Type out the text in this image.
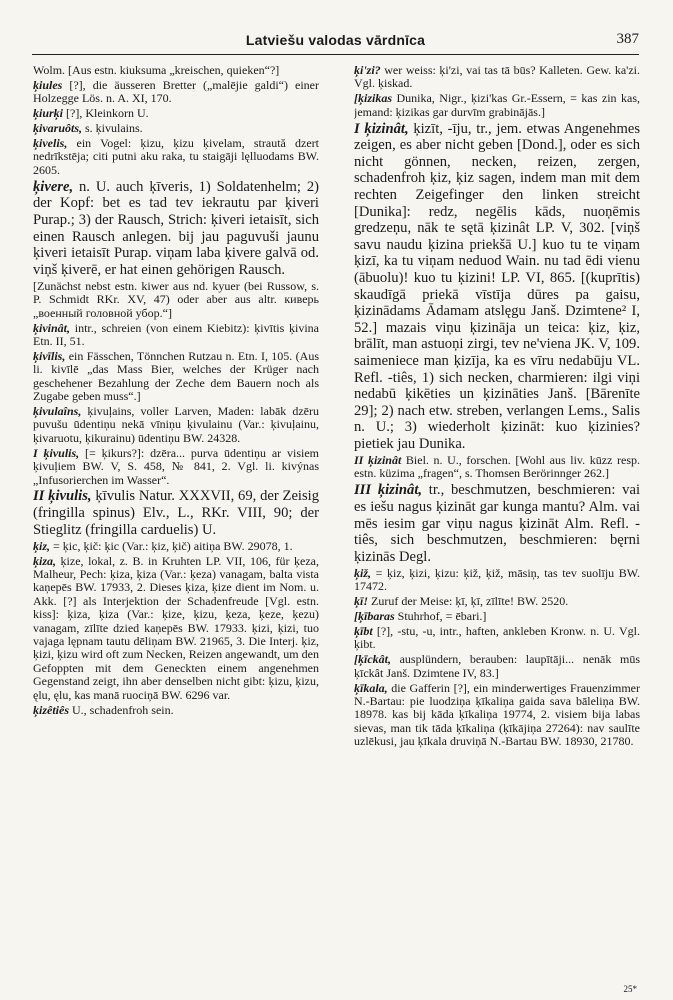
Latviešu valodas vārdnīca	387

Wolm. [Aus estn. kiuksuma „kreischen, quieken“?]

ķiules [?], die äusseren Bretter („malējie galdi“) einer Holzegge Lös. n. A. XI, 170.

ķiurķi [?], Kleinkorn U.

ķivaruôts, s. ķivulains.

ķivelis, ein Vogel: ķizu, ķizu ķivelam, straută dzert nedrīkstēja; citi putni aku raka, tu staigāji lęlluodams BW. 2605.

ķivere, n. U. auch ķīveris, 1) Soldatenhelm; 2) der Kopf: bet es tad tev iekrautu par ķiveri Purap.; 3) der Rausch, Strich: ķiveri ietaisīt, sich einen Rausch anlegen. bij jau paguvuši jaunu ķiveri ietaisīt Purap. viņam laba ķivere galvā od. viņš ķiverē, er hat einen gehörigen Rausch.

[Zunächst nebst estn. kiwer aus nd. kyuer (bei Russow, s. P. Schmidt RKr. XV, 47) oder aber aus altr. киверь „военный головной убор.“]

ķivinât, intr., schreien (von einem Kiebitz): ķivītis ķivina Etn. II, 51.

ķivīlis, ein Fässchen, Tönnchen Rutzau n. Etn. I, 105. (Aus li. kivīlē „das Mass Bier, welches der Krüger nach geschehener Bezahlung der Zeche dem Bauern noch als Zugabe geben muss“.]

ķivulaîns, ķivuļains, voller Larven, Maden: labāk dzēru puvušu ūdentiņu nekā vīniņu ķivulainu (Var.: ķivuļainu, ķivaruotu, ķikurainu) ūdentiņu BW. 24328.

I ķivulis, [= ķikurs?]: dzēra... purva ūdentiņu ar visiem ķivuļiem BW. V, S. 458, № 841, 2. Vgl. li. kivýnas „Infusorierchen im Wasser“.

II ķivulis, ķīvulis Natur. XXXVII, 69, der Zeisig (fringilla spinus) Elv., L., RKr. VIII, 90; der Stieglitz (fringilla carduelis) U.

ķiz, = ķic, ķič: ķic (Var.: ķiz, ķič) aitiņa BW. 29078, 1.

ķiza, ķize, lokal, z. B. in Kruhten LP. VII, 106, für ķeza, Malheur, Pech: ķiza, ķiza (Var.: ķeza) vanagam, balta vista kaņepēs BW. 17933, 2. Dieses ķiza, ķize dient im Nom. u. Akk. [?] als Interjektion der Schadenfreude [Vgl. estn. kiss]: ķiza, ķiza (Var.: ķize, ķizu, ķeza, ķeze, ķezu) vanagam, zīlīte dzied kaņepēs BW. 17933. ķizi, ķizi, tuo vajaga lępnam tautu dēliņam BW. 21965, 3. Die Interj. ķiz, ķizi, ķizu wird oft zum Necken, Reizen angewandt, um den Gefoppten mit dem Geneckten einem angenehmen Gegenstand zeigt, ihn aber denselben nicht gibt: ķizu, ķizu, ęlu, ęlu, kas manā ruociņā BW. 6296 var.

ķizêtiês U., schadenfroh sein.

ķi'zi? wer weiss: ķi'zi, vai tas tā būs? Kalleten. Gew. ka'zi. Vgl. ķiskad.

[ķizikas Dunika, Nigr., ķizi'kas Gr.-Essern, = kas zin kas, jemand: ķizikas gar durvīm grabinājās.]

I ķizinât, ķizīt, -īju, tr., jem. etwas Angenehmes zeigen, es aber nicht geben [Dond.], oder es sich nicht gönnen, necken, reizen, zergen, schadenfroh ķiz, ķiz sagen, indem man mit dem rechten Zeigefinger den linken streicht [Dunika]: redz, negēlis kāds, nuoņēmis gredzeņu, nāk te sętā ķizinât LP. V, 302. [viņš savu naudu ķizina priekšā U.] kuo tu te viņam ķizī, ka tu viņam neduod Wain. nu tad ēdi vienu (ābuolu)! kuo tu ķizini! LP. VI, 865. [(kuprītis) skaudīgā priekā vīstīja dūres pa gaisu, ķizinādams Ādamam atslęgu Janš. Dzimtene² I, 52.] mazais viņu ķizināja un teica: ķiz, ķiz, brālīt, man astuoņi zirgi, tev ne'viena JK. V, 109. saimeniece man ķizīja, ka es vīru nedabūju VL. Refl. -tiês, 1) sich necken, charmieren: ilgi viņi nedabū ķikēties un ķizināties Janš. [Bārenīte 29]; 2) nach etw. streben, verlangen Lems., Salis n. U.; 3) wiederholt ķizināt: kuo ķizinies? pietiek jau Dunika.

II ķizinât Biel. n. U., forschen. [Wohl aus liv. kūzz resp. estn. küzima „fragen“, s. Thomsen Berörinnger 262.]

III ķizinât, tr., beschmutzen, beschmieren: vai es iešu nagus ķizināt gar kunga mantu? Alm. vai mēs iesim gar viņu nagus ķizināt Alm. Refl. -tiês, sich beschmutzen, beschmieren: bęrni ķizinās Degl.

ķiž, = ķiz, ķizi, ķizu: ķiž, ķiž, māsiņ, tas tev suolīju BW. 17472.

ķī! Zuruf der Meise: ķī, ķī, zīlīte! BW. 2520.

[ķībaras Stuhrhof, = ēbari.]

ķībt [?], -stu, -u, intr., haften, ankleben Kronw. n. U. Vgl. ķibt.

[ķīckât, ausplündern, berauben: laupītāji... nenāk mūs ķīckât Janš. Dzimtene IV, 83.]

ķīkala, die Gafferin [?], ein minderwertiges Frauenzimmer N.-Bartau: pie luodziņa ķīkaliņa gaida sava bāleliņa BW. 18978. kas bij kāda ķīkaliņa 19774, 2. visiem bija labas sievas, man tik tāda ķīkaliņa (ķīkājiņa 27264): nav saulīte uzlēkusi, jau ķīkala druviņā N.-Bartau BW. 18930, 21780.

25*
